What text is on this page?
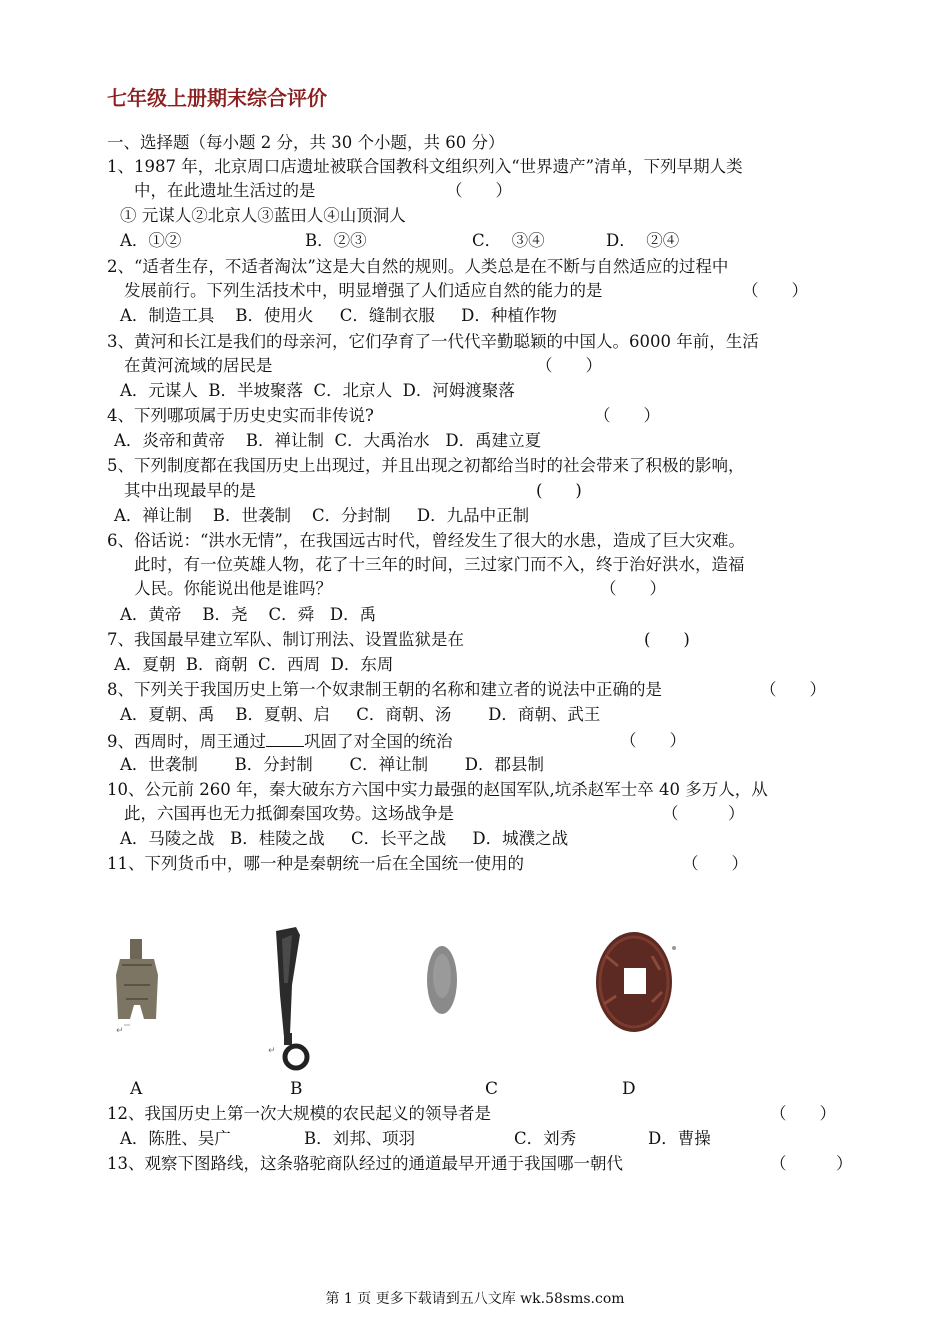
七年级上册期末综合评价
一、选择题（每小题 2 分，共 30 个小题，共 60 分）
1、1987 年，北京周口店遗址被联合国教科文组织列入“世界遗产”清单，下列早期人类
中，在此遗址生活过的是	（　　）
① 元谋人②北京人③蓝田人④山顶洞人
A．①②	B．②③	C．  ③④	D．  ②④
2、“适者生存，不适者淘汰”这是大自然的规则。人类总是在不断与自然适应的过程中
发展前行。下列生活技术中，明显增强了人们适应自然的能力的是	（　　）
A．制造工具    B．使用火     C．缝制衣服     D．种植作物
3、黄河和长江是我们的母亲河，它们孕育了一代代辛勤聪颖的中国人。6000 年前，生活
在黄河流域的居民是	（　　）
A．元谋人  B．半坡聚落  C．北京人  D．河姆渡聚落
4、下列哪项属于历史史实而非传说?	（　　）
A．炎帝和黄帝    B．禅让制  C．大禹治水   D．禹建立夏
5、下列制度都在我国历史上出现过，并且出现之初都给当时的社会带来了积极的影响，
其中出现最早的是	(　　)
A．禅让制    B．世袭制    C．分封制     D．九品中正制
6、俗话说：“洪水无情”，在我国远古时代，曾经发生了很大的水患，造成了巨大灾难。
此时，有一位英雄人物，花了十三年的时间，三过家门而不入，终于治好洪水，造福
人民。你能说出他是谁吗？	（　　）
A．黄帝    B．尧    C．舜   D．禹
7、我国最早建立军队、制订刑法、设置监狱是在	(　　)
A．夏朝  B．商朝  C．西周  D．东周
8、下列关于我国历史上第一个奴隶制王朝的名称和建立者的说法中正确的是	（　　）
A．夏朝、禹    B．夏朝、启     C．商朝、汤       D．商朝、武王
9、西周时，周王通过 巩固了对全国的统治	（　　）
A．世袭制       B．分封制       C．禅让制       D．郡县制
10、公元前 260 年，秦大破东方六国中实力最强的赵国军队,坑杀赵军士卒 40 多万人，从
此，六国再也无力抵御秦国攻势。这场战争是	（　　　）
A．马陵之战   B．桂陵之战     C．长平之战     D．城濮之战
11、下列货币中，哪一种是秦朝统一后在全国统一使用的	（　　）
↵
↵
A	B	C	D
12、我国历史上第一次大规模的农民起义的领导者是	（　　）
A．陈胜、吴广	B．刘邦、项羽	C．刘秀	D．曹操
13、观察下图路线，这条骆驼商队经过的通道最早开通于我国哪一朝代	（　　　）
第 1 页 更多下载请到五八文库 wk.58sms.com
